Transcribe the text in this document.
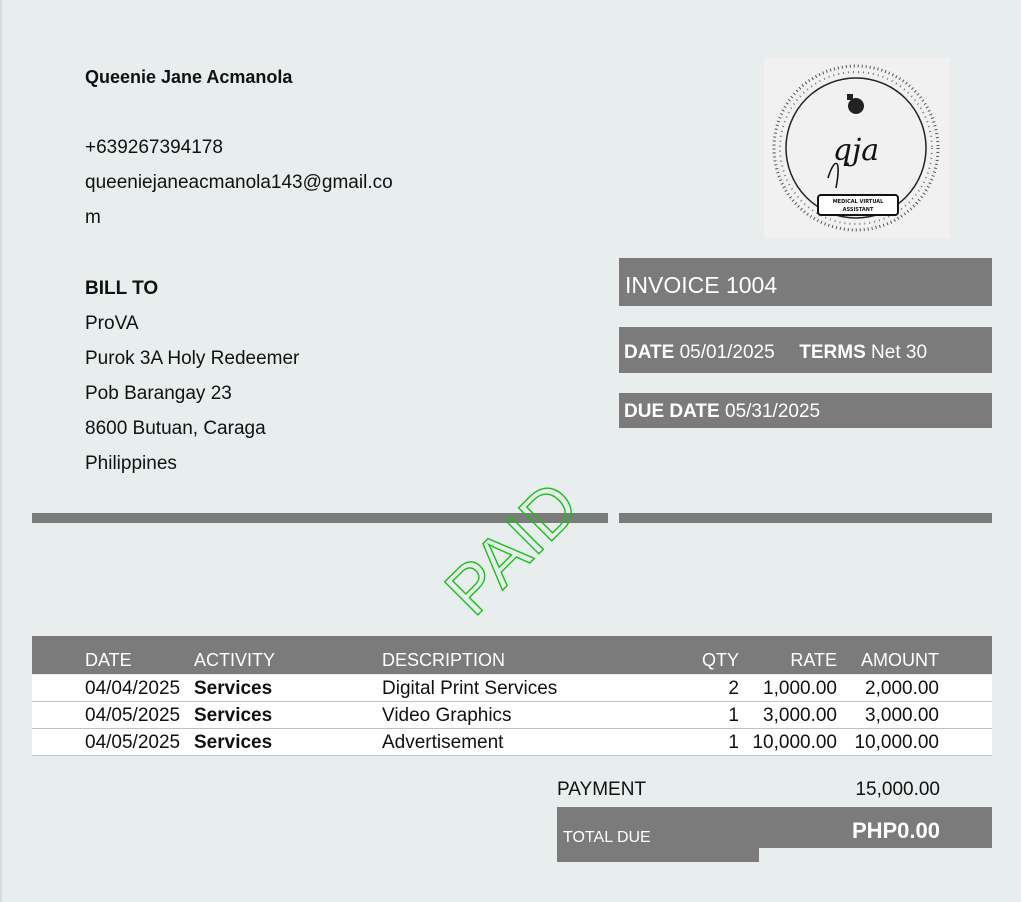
Queenie Jane Acmanola
+639267394178
queeniejaneacmanola143@gmail.co
m
BILL TO
ProVA
Purok 3A Holy Redeemer
Pob Barangay 23
8600 Butuan, Caraga
Philippines
qja
MEDICAL VIRTUAL
ASSISTANT
INVOICE 1004
DATE 05/01/2025 TERMS Net 30
DUE DATE 05/31/2025
DATE	ACTIVITY	DESCRIPTION	QTY	RATE	AMOUNT
04/04/2025 Services	Digital Print Services	2	1,000.00	2,000.00
04/05/2025 Services	Video Graphics	1	3,000.00	3,000.00
04/05/2025 Services	Advertisement	1 10,000.00 10,000.00
PAID
PAYMENT	15,000.00
TOTAL DUE	PHP0.00
